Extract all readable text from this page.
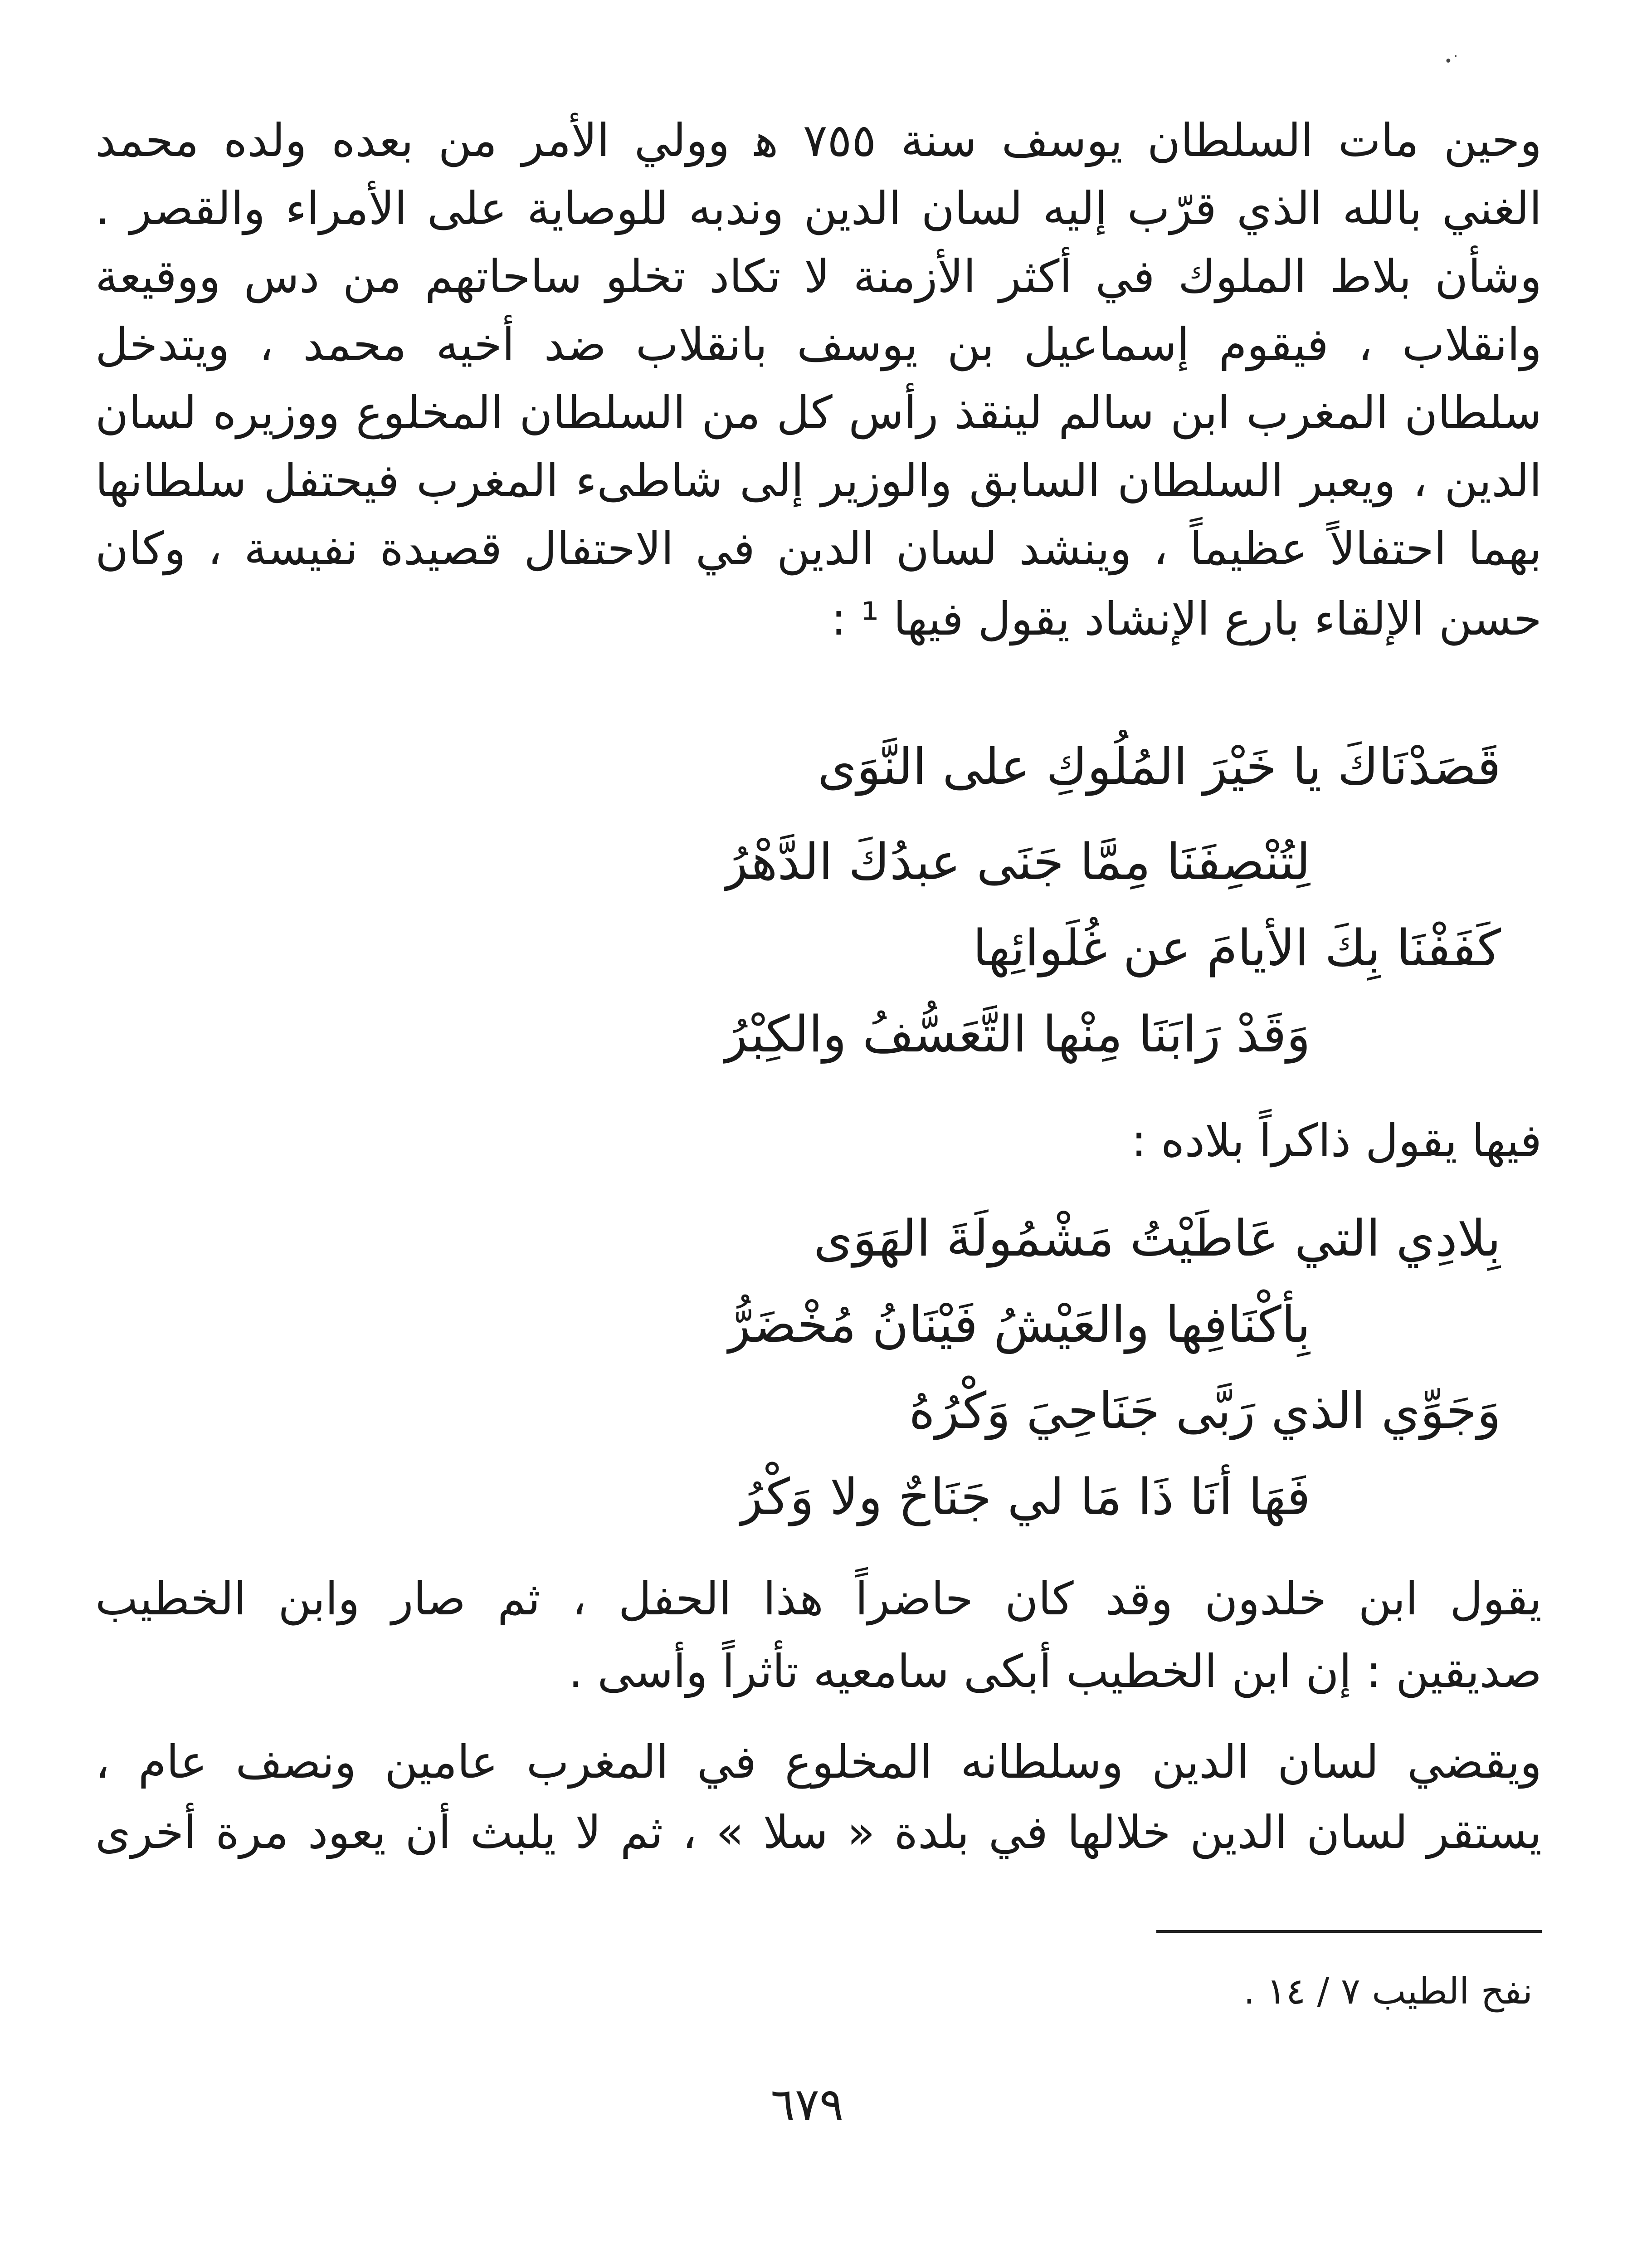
•˙
وحين مات السلطان يوسف سنة ٧٥٥ ﻫ وولي الأمر من بعده ولده محمد
الغني بالله الذي قرّب إليه لسان الدين وندبه للوصاية على الأمراء والقصر .
وشأن بلاط الملوك في أكثر الأزمنة لا تكاد تخلو ساحاتهم من دس ووقيعة
وانقلاب ، فيقوم إسماعيل بن يوسف بانقلاب ضد أخيه محمد ، ويتدخل
سلطان المغرب ابن سالم لينقذ رأس كل من السلطان المخلوع ووزيره لسان
الدين ، ويعبر السلطان السابق والوزير إلى شاطىء المغرب فيحتفل سلطانها
بهما احتفالاً عظيماً ، وينشد لسان الدين في الاحتفال قصيدة نفيسة ، وكان
حسن الإلقاء بارع الإنشاد يقول فيها ¹ :
قَصَدْنَاكَ يا خَيْرَ المُلُوكِ على النَّوَى
لِتُنْصِفَنَا مِمَّا جَنَى عبدُكَ الدَّهْرُ
كَفَفْنَا بِكَ الأيامَ عن غُلَوائِها
وَقَدْ رَابَنَا مِنْها التَّعَسُّفُ والكِبْرُ
فيها يقول ذاكراً بلاده :
بِلادِي التي عَاطَيْتُ مَشْمُولَةَ الهَوَى
بِأَكْنَافِها والعَيْشُ فَيْنَانُ مُخْضَرُّ
وَجَوِّي الذي رَبَّى جَنَاحِيَ وَكْرُهُ
فَهَا أنَا ذَا مَا لي جَنَاحٌ ولا وَكْرُ
يقول ابن خلدون وقد كان حاضراً هذا الحفل ، ثم صار وابن الخطيب
صديقين : إن ابن الخطيب أبكى سامعيه تأثراً وأسى .
ويقضي لسان الدين وسلطانه المخلوع في المغرب عامين ونصف عام ،
يستقر لسان الدين خلالها في بلدة « سلا » ، ثم لا يلبث أن يعود مرة أخرى
نفح الطيب ٧ / ١٤ .
٦٧٩
